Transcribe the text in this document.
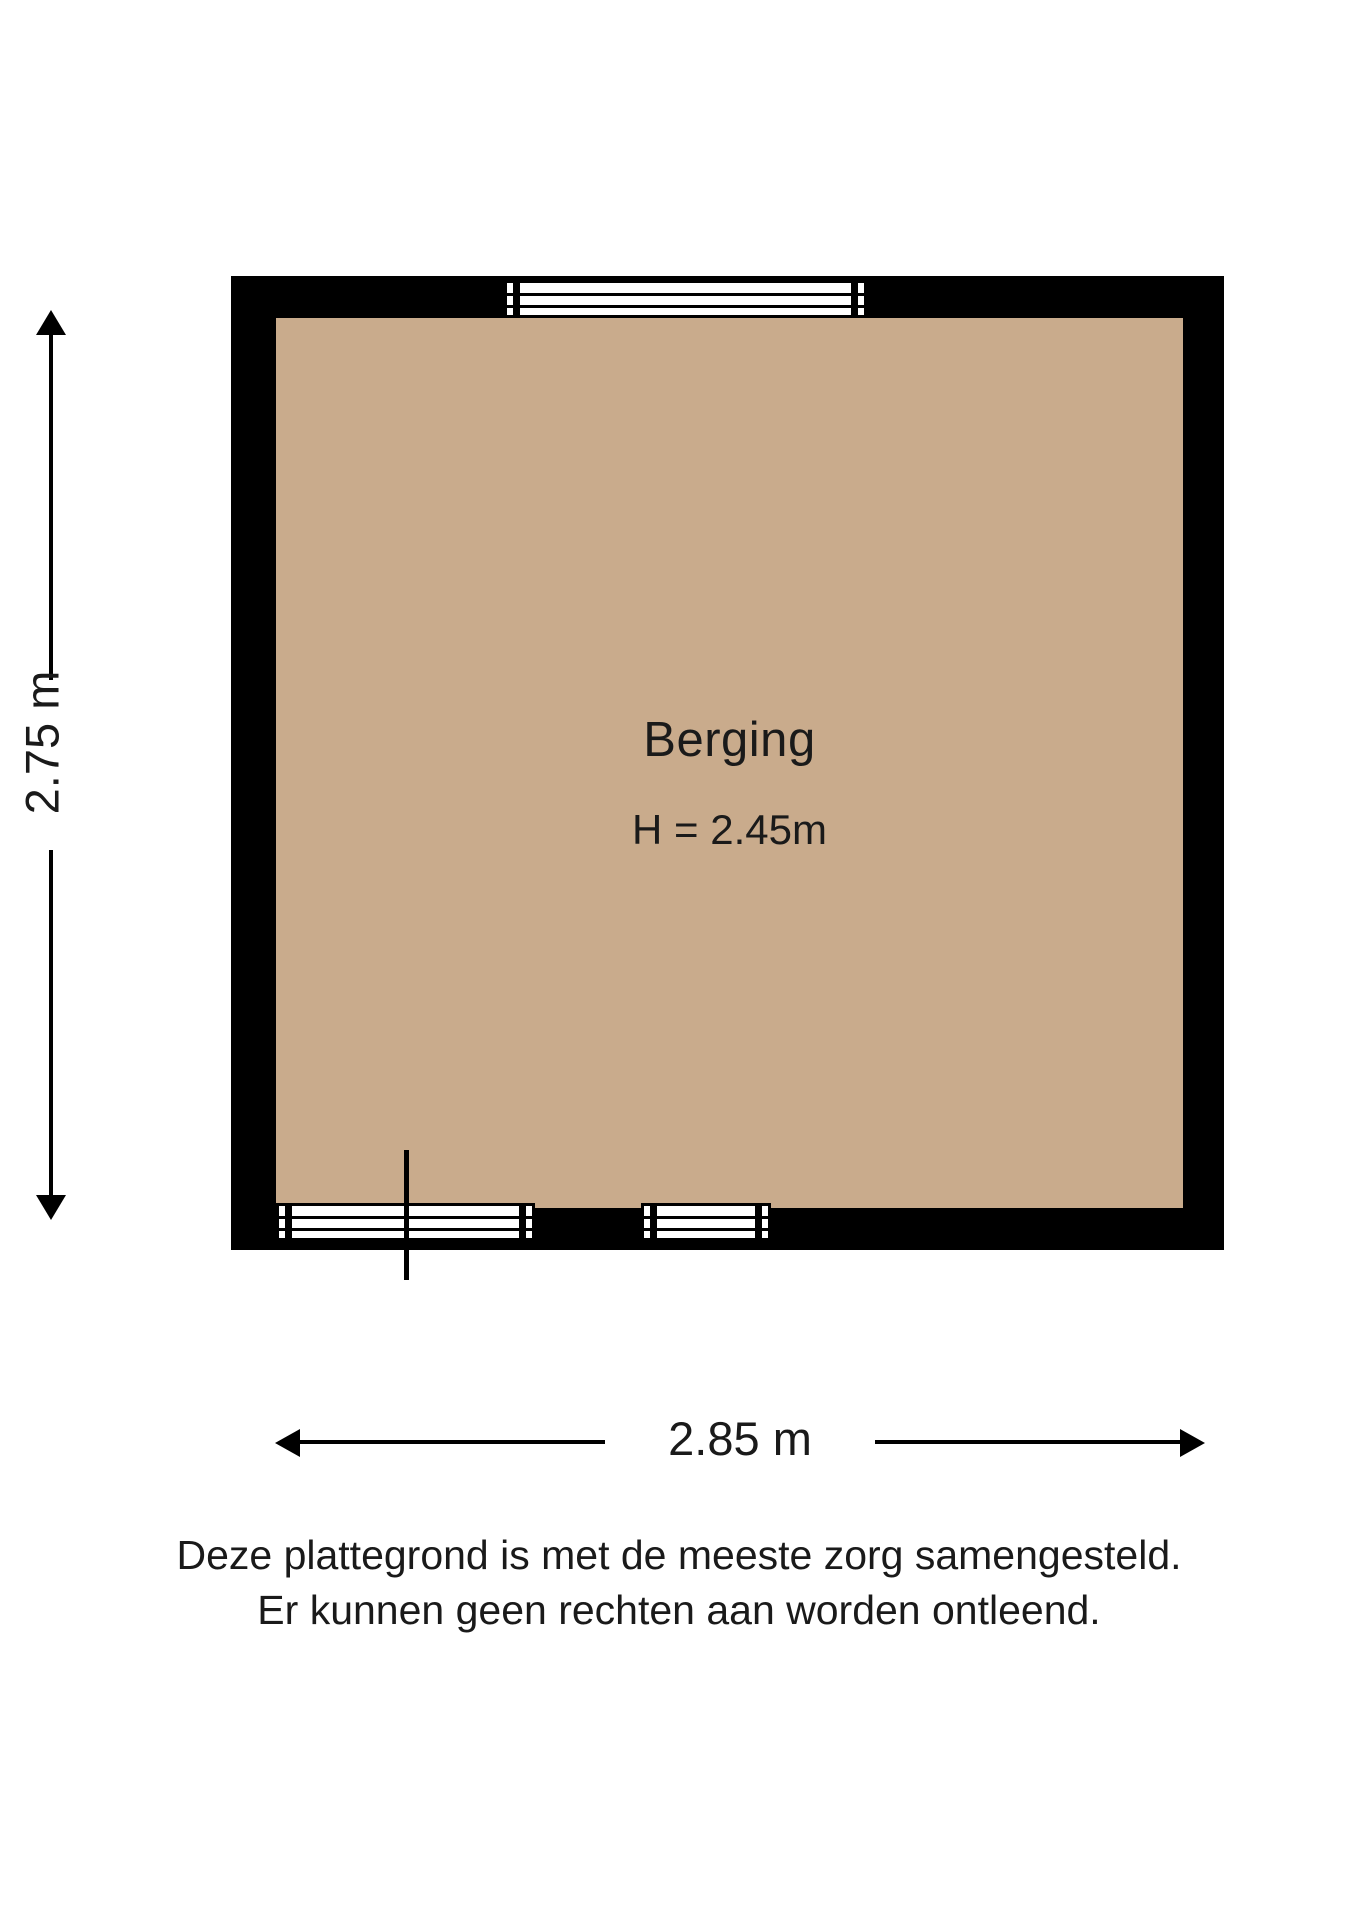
Berging
H = 2.45m
2.75 m
2.85 m
Deze plattegrond is met de meeste zorg samengesteld.
Er kunnen geen rechten aan worden ontleend.
